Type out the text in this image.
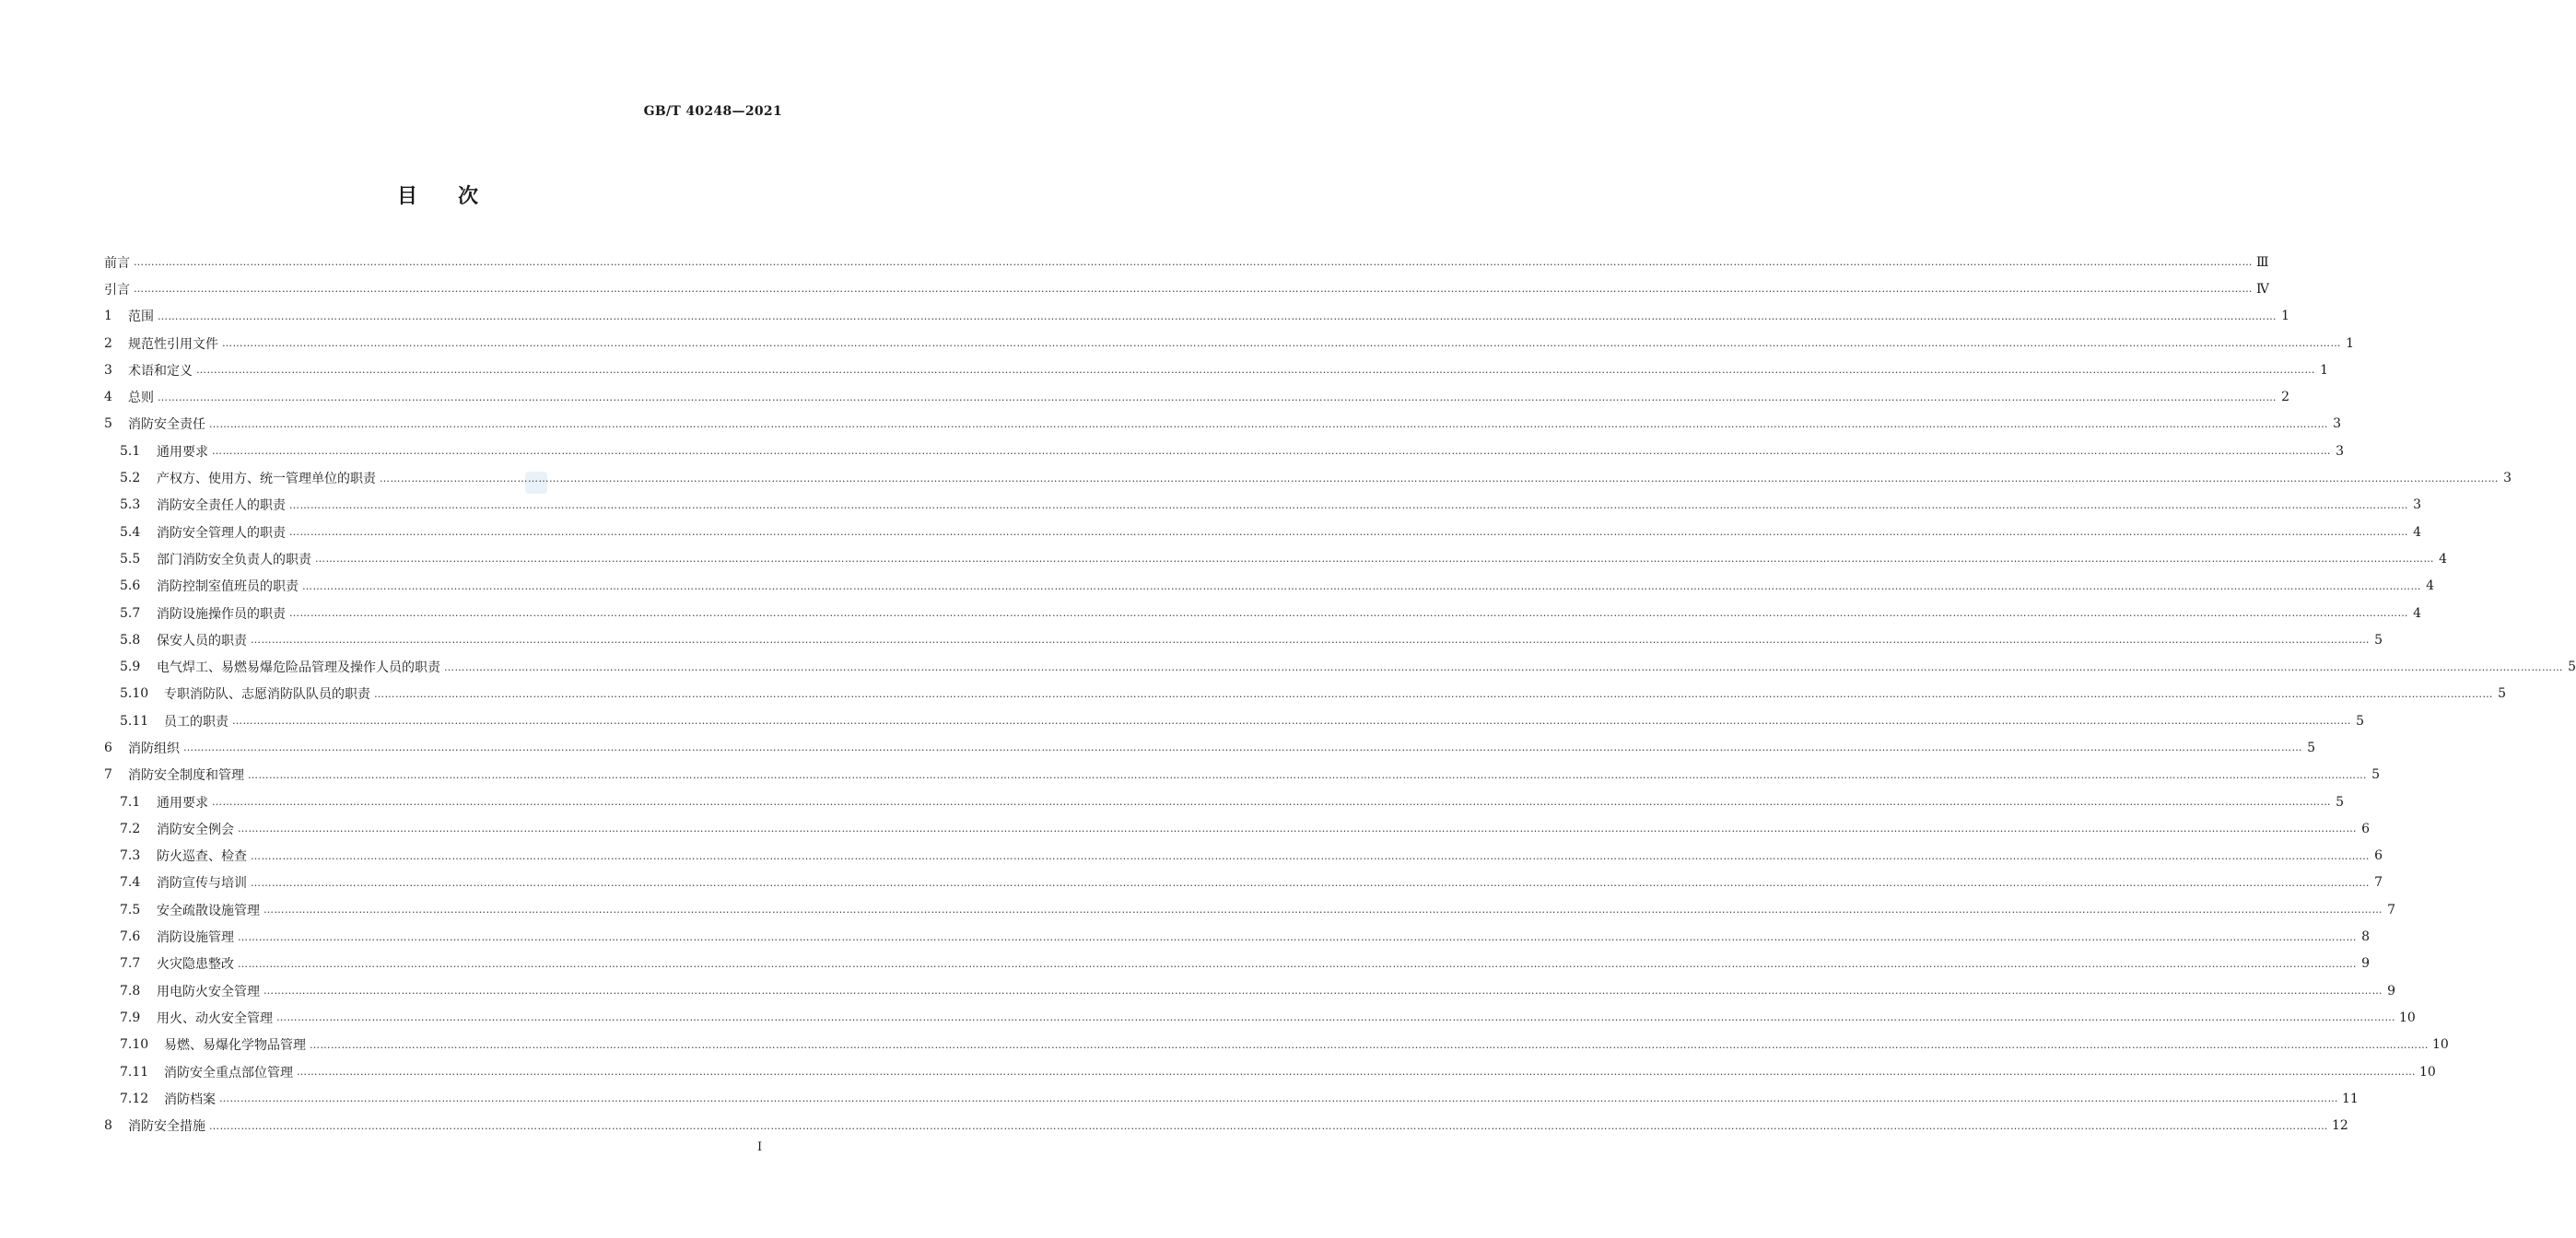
GB/T 40248—2021
目　　次
前言 …………………………………………………………………………………………………………………………………………………………………………………………………………………………………………………………………………………………………………………………………………………………………………………………………………………………………………………………………………………………………………………………………………………… Ⅲ
引言 …………………………………………………………………………………………………………………………………………………………………………………………………………………………………………………………………………………………………………………………………………………………………………………………………………………………………………………………………………………………………………………………………………………… Ⅳ
1	范围 …………………………………………………………………………………………………………………………………………………………………………………………………………………………………………………………………………………………………………………………………………………………………………………………………………………………………………………………………………………………………………………………………………………… 1
2	规范性引用文件 …………………………………………………………………………………………………………………………………………………………………………………………………………………………………………………………………………………………………………………………………………………………………………………………………………………………………………………………………………………………………………………………………………………… 1
3	术语和定义 …………………………………………………………………………………………………………………………………………………………………………………………………………………………………………………………………………………………………………………………………………………………………………………………………………………………………………………………………………………………………………………………………………………… 1
4	总则 …………………………………………………………………………………………………………………………………………………………………………………………………………………………………………………………………………………………………………………………………………………………………………………………………………………………………………………………………………………………………………………………………………………… 2
5	消防安全责任 …………………………………………………………………………………………………………………………………………………………………………………………………………………………………………………………………………………………………………………………………………………………………………………………………………………………………………………………………………………………………………………………………………………… 3
5.1	通用要求 …………………………………………………………………………………………………………………………………………………………………………………………………………………………………………………………………………………………………………………………………………………………………………………………………………………………………………………………………………………………………………………………………………………… 3
5.2	产权方、使用方、统一管理单位的职责 …………………………………………………………………………………………………………………………………………………………………………………………………………………………………………………………………………………………………………………………………………………………………………………………………………………………………………………………………………………………………………………………………………………… 3
5.3	消防安全责任人的职责 …………………………………………………………………………………………………………………………………………………………………………………………………………………………………………………………………………………………………………………………………………………………………………………………………………………………………………………………………………………………………………………………………………………… 3
5.4	消防安全管理人的职责 …………………………………………………………………………………………………………………………………………………………………………………………………………………………………………………………………………………………………………………………………………………………………………………………………………………………………………………………………………………………………………………………………………………… 4
5.5	部门消防安全负责人的职责 …………………………………………………………………………………………………………………………………………………………………………………………………………………………………………………………………………………………………………………………………………………………………………………………………………………………………………………………………………………………………………………………………………………… 4
5.6	消防控制室值班员的职责 …………………………………………………………………………………………………………………………………………………………………………………………………………………………………………………………………………………………………………………………………………………………………………………………………………………………………………………………………………………………………………………………………………………… 4
5.7	消防设施操作员的职责 …………………………………………………………………………………………………………………………………………………………………………………………………………………………………………………………………………………………………………………………………………………………………………………………………………………………………………………………………………………………………………………………………………………… 4
5.8	保安人员的职责 …………………………………………………………………………………………………………………………………………………………………………………………………………………………………………………………………………………………………………………………………………………………………………………………………………………………………………………………………………………………………………………………………………………… 5
5.9	电气焊工、易燃易爆危险品管理及操作人员的职责 …………………………………………………………………………………………………………………………………………………………………………………………………………………………………………………………………………………………………………………………………………………………………………………………………………………………………………………………………………………………………………………………………………………… 5
5.10	专职消防队、志愿消防队队员的职责 …………………………………………………………………………………………………………………………………………………………………………………………………………………………………………………………………………………………………………………………………………………………………………………………………………………………………………………………………………………………………………………………………………………… 5
5.11	员工的职责 …………………………………………………………………………………………………………………………………………………………………………………………………………………………………………………………………………………………………………………………………………………………………………………………………………………………………………………………………………………………………………………………………………………… 5
6	消防组织 …………………………………………………………………………………………………………………………………………………………………………………………………………………………………………………………………………………………………………………………………………………………………………………………………………………………………………………………………………………………………………………………………………………… 5
7	消防安全制度和管理 …………………………………………………………………………………………………………………………………………………………………………………………………………………………………………………………………………………………………………………………………………………………………………………………………………………………………………………………………………………………………………………………………………………… 5
7.1	通用要求 …………………………………………………………………………………………………………………………………………………………………………………………………………………………………………………………………………………………………………………………………………………………………………………………………………………………………………………………………………………………………………………………………………………… 5
7.2	消防安全例会 …………………………………………………………………………………………………………………………………………………………………………………………………………………………………………………………………………………………………………………………………………………………………………………………………………………………………………………………………………………………………………………………………………………… 6
7.3	防火巡查、检查 …………………………………………………………………………………………………………………………………………………………………………………………………………………………………………………………………………………………………………………………………………………………………………………………………………………………………………………………………………………………………………………………………………………… 6
7.4	消防宣传与培训 …………………………………………………………………………………………………………………………………………………………………………………………………………………………………………………………………………………………………………………………………………………………………………………………………………………………………………………………………………………………………………………………………………………… 7
7.5	安全疏散设施管理 …………………………………………………………………………………………………………………………………………………………………………………………………………………………………………………………………………………………………………………………………………………………………………………………………………………………………………………………………………………………………………………………………………………… 7
7.6	消防设施管理 …………………………………………………………………………………………………………………………………………………………………………………………………………………………………………………………………………………………………………………………………………………………………………………………………………………………………………………………………………………………………………………………………………………… 8
7.7	火灾隐患整改 …………………………………………………………………………………………………………………………………………………………………………………………………………………………………………………………………………………………………………………………………………………………………………………………………………………………………………………………………………………………………………………………………………………… 9
7.8	用电防火安全管理 …………………………………………………………………………………………………………………………………………………………………………………………………………………………………………………………………………………………………………………………………………………………………………………………………………………………………………………………………………………………………………………………………………………… 9
7.9	用火、动火安全管理 …………………………………………………………………………………………………………………………………………………………………………………………………………………………………………………………………………………………………………………………………………………………………………………………………………………………………………………………………………………………………………………………………………………… 10
7.10	易燃、易爆化学物品管理 …………………………………………………………………………………………………………………………………………………………………………………………………………………………………………………………………………………………………………………………………………………………………………………………………………………………………………………………………………………………………………………………………………………… 10
7.11	消防安全重点部位管理 …………………………………………………………………………………………………………………………………………………………………………………………………………………………………………………………………………………………………………………………………………………………………………………………………………………………………………………………………………………………………………………………………………………… 10
7.12	消防档案 …………………………………………………………………………………………………………………………………………………………………………………………………………………………………………………………………………………………………………………………………………………………………………………………………………………………………………………………………………………………………………………………………………………… 11
8	消防安全措施 …………………………………………………………………………………………………………………………………………………………………………………………………………………………………………………………………………………………………………………………………………………………………………………………………………………………………………………………………………………………………………………………………………………… 12
I
